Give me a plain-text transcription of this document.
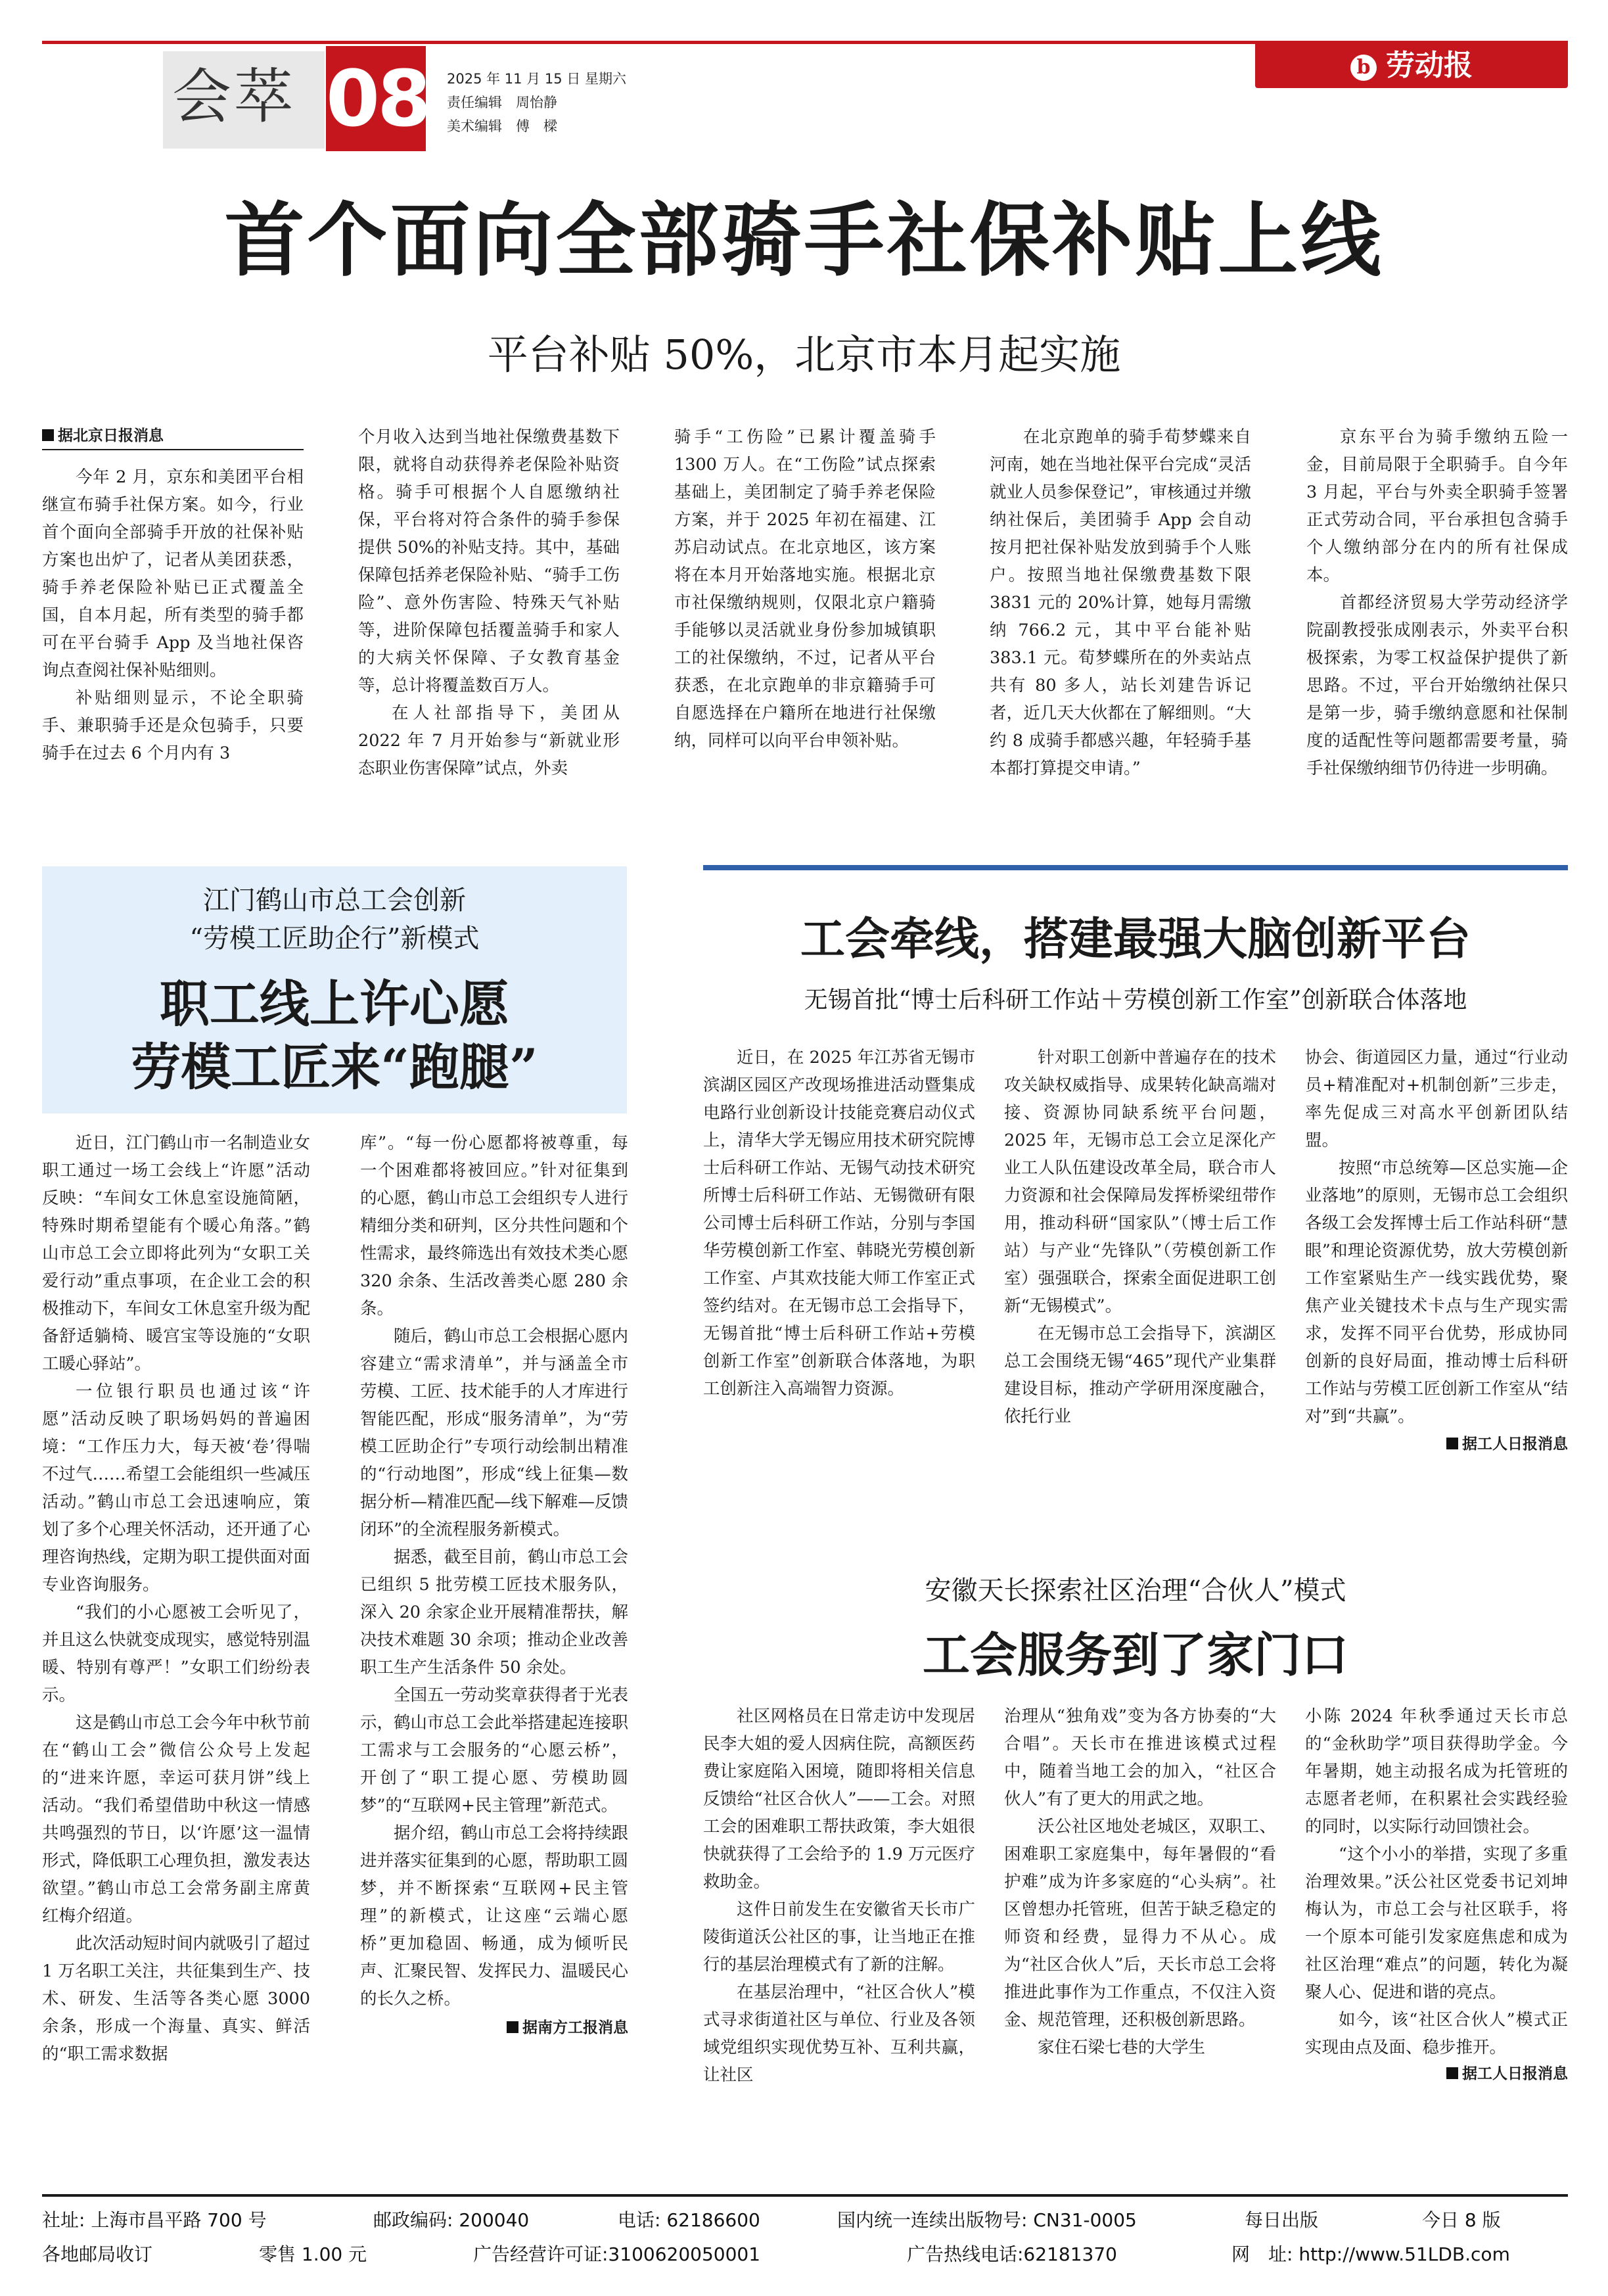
会萃 08 2025 年 11 月 15 日 星期六
责任编辑　周怡静
美术编辑　傅　樑
b 劳动报
首个面向全部骑手社保补贴上线
平台补贴 50%，北京市本月起实施
据北京日报消息

今年 2 月，京东和美团平台相继宣布骑手社保方案。如今，行业首个面向全部骑手开放的社保补贴方案也出炉了，记者从美团获悉，骑手养老保险补贴已正式覆盖全国，自本月起，所有类型的骑手都可在平台骑手 App 及当地社保咨询点查阅社保补贴细则。

补贴细则显示，不论全职骑手、兼职骑手还是众包骑手，只要骑手在过去 6 个月内有 3

个月收入达到当地社保缴费基数下限，就将自动获得养老保险补贴资格。骑手可根据个人自愿缴纳社保，平台将对符合条件的骑手参保提供 50%的补贴支持。其中，基础保障包括养老保险补贴、“骑手工伤险”、意外伤害险、特殊天气补贴等，进阶保障包括覆盖骑手和家人的大病关怀保障、子女教育基金等，总计将覆盖数百万人。

在人社部指导下，美团从 2022 年 7 月开始参与“新就业形态职业伤害保障”试点，外卖

骑手“工伤险”已累计覆盖骑手 1300 万人。在“工伤险”试点探索基础上，美团制定了骑手养老保险方案，并于 2025 年初在福建、江苏启动试点。在北京地区，该方案将在本月开始落地实施。根据北京市社保缴纳规则，仅限北京户籍骑手能够以灵活就业身份参加城镇职工的社保缴纳，不过，记者从平台获悉，在北京跑单的非京籍骑手可自愿选择在户籍所在地进行社保缴纳，同样可以向平台申领补贴。

在北京跑单的骑手荀梦蝶来自河南，她在当地社保平台完成“灵活就业人员参保登记”，审核通过并缴纳社保后，美团骑手 App 会自动按月把社保补贴发放到骑手个人账户。按照当地社保缴费基数下限 3831 元的 20%计算，她每月需缴纳 766.2 元，其中平台能补贴 383.1 元。荀梦蝶所在的外卖站点共有 80 多人，站长刘建告诉记者，近几天大伙都在了解细则。“大约 8 成骑手都感兴趣，年轻骑手基本都打算提交申请。”

京东平台为骑手缴纳五险一金，目前局限于全职骑手。自今年 3 月起，平台与外卖全职骑手签署正式劳动合同，平台承担包含骑手个人缴纳部分在内的所有社保成本。

首都经济贸易大学劳动经济学院副教授张成刚表示，外卖平台积极探索，为零工权益保护提供了新思路。不过，平台开始缴纳社保只是第一步，骑手缴纳意愿和社保制度的适配性等问题都需要考量，骑手社保缴纳细节仍待进一步明确。

江门鹤山市总工会创新
“劳模工匠助企行”新模式
职工线上许心愿
劳模工匠来“跑腿”

近日，江门鹤山市一名制造业女职工通过一场工会线上“许愿”活动反映：“车间女工休息室设施简陋，特殊时期希望能有个暖心角落。”鹤山市总工会立即将此列为“女职工关爱行动”重点事项，在企业工会的积极推动下，车间女工休息室升级为配备舒适躺椅、暖宫宝等设施的“女职工暖心驿站”。

一位银行职员也通过该“许愿”活动反映了职场妈妈的普遍困境：“工作压力大，每天被‘卷’得喘不过气……希望工会能组织一些减压活动。”鹤山市总工会迅速响应，策划了多个心理关怀活动，还开通了心理咨询热线，定期为职工提供面对面专业咨询服务。

“我们的小心愿被工会听见了，并且这么快就变成现实，感觉特别温暖、特别有尊严！”女职工们纷纷表示。

这是鹤山市总工会今年中秋节前在“鹤山工会”微信公众号上发起的“进来许愿，幸运可获月饼”线上活动。“我们希望借助中秋这一情感共鸣强烈的节日，以‘许愿’这一温情形式，降低职工心理负担，激发表达欲望。”鹤山市总工会常务副主席黄红梅介绍道。

此次活动短时间内就吸引了超过 1 万名职工关注，共征集到生产、技术、研发、生活等各类心愿 3000 余条，形成一个海量、真实、鲜活的“职工需求数据

库”。“每一份心愿都将被尊重，每一个困难都将被回应。”针对征集到的心愿，鹤山市总工会组织专人进行精细分类和研判，区分共性问题和个性需求，最终筛选出有效技术类心愿 320 余条、生活改善类心愿 280 余条。

随后，鹤山市总工会根据心愿内容建立“需求清单”，并与涵盖全市劳模、工匠、技术能手的人才库进行智能匹配，形成“服务清单”，为“劳模工匠助企行”专项行动绘制出精准的“行动地图”，形成“线上征集—数据分析—精准匹配—线下解难—反馈闭环”的全流程服务新模式。

据悉，截至目前，鹤山市总工会已组织 5 批劳模工匠技术服务队，深入 20 余家企业开展精准帮扶，解决技术难题 30 余项；推动企业改善职工生产生活条件 50 余处。

全国五一劳动奖章获得者于光表示，鹤山市总工会此举搭建起连接职工需求与工会服务的“心愿云桥”，开创了“职工提心愿、劳模助圆梦”的“互联网+民主管理”新范式。

据介绍，鹤山市总工会将持续跟进并落实征集到的心愿，帮助职工圆梦，并不断探索“互联网+民主管理”的新模式，让这座“云端心愿桥”更加稳固、畅通，成为倾听民声、汇聚民智、发挥民力、温暖民心的长久之桥。

据南方工报消息
工会牵线，搭建最强大脑创新平台
无锡首批“博士后科研工作站＋劳模创新工作室”创新联合体落地

近日，在 2025 年江苏省无锡市滨湖区园区产改现场推进活动暨集成电路行业创新设计技能竞赛启动仪式上，清华大学无锡应用技术研究院博士后科研工作站、无锡气动技术研究所博士后科研工作站、无锡微研有限公司博士后科研工作站，分别与李国华劳模创新工作室、韩晓光劳模创新工作室、卢其欢技能大师工作室正式签约结对。在无锡市总工会指导下，无锡首批“博士后科研工作站+劳模创新工作室”创新联合体落地，为职工创新注入高端智力资源。

针对职工创新中普遍存在的技术攻关缺权威指导、成果转化缺高端对接、资源协同缺系统平台问题，2025 年，无锡市总工会立足深化产业工人队伍建设改革全局，联合市人力资源和社会保障局发挥桥梁纽带作用，推动科研“国家队”（博士后工作站）与产业“先锋队”（劳模创新工作室）强强联合，探索全面促进职工创新“无锡模式”。

在无锡市总工会指导下，滨湖区总工会围绕无锡“465”现代产业集群建设目标，推动产学研用深度融合，依托行业

协会、街道园区力量，通过“行业动员+精准配对+机制创新”三步走，率先促成三对高水平创新团队结盟。

按照“市总统筹—区总实施—企业落地”的原则，无锡市总工会组织各级工会发挥博士后工作站科研“慧眼”和理论资源优势，放大劳模创新工作室紧贴生产一线实践优势，聚焦产业关键技术卡点与生产现实需求，发挥不同平台优势，形成协同创新的良好局面，推动博士后科研工作站与劳模工匠创新工作室从“结对”到“共赢”。

据工人日报消息
安徽天长探索社区治理“合伙人”模式
工会服务到了家门口

社区网格员在日常走访中发现居民李大姐的爱人因病住院，高额医药费让家庭陷入困境，随即将相关信息反馈给“社区合伙人”——工会。对照工会的困难职工帮扶政策，李大姐很快就获得了工会给予的 1.9 万元医疗救助金。

这件日前发生在安徽省天长市广陵街道沃公社区的事，让当地正在推行的基层治理模式有了新的注解。

在基层治理中，“社区合伙人”模式寻求街道社区与单位、行业及各领域党组织实现优势互补、互利共赢，让社区

治理从“独角戏”变为各方协奏的“大合唱”。天长市在推进该模式过程中，随着当地工会的加入，“社区合伙人”有了更大的用武之地。

沃公社区地处老城区，双职工、困难职工家庭集中，每年暑假的“看护难”成为许多家庭的“心头病”。社区曾想办托管班，但苦于缺乏稳定的师资和经费，显得力不从心。成为“社区合伙人”后，天长市总工会将推进此事作为工作重点，不仅注入资金、规范管理，还积极创新思路。

家住石梁七巷的大学生

小陈 2024 年秋季通过天长市总的“金秋助学”项目获得助学金。今年暑期，她主动报名成为托管班的志愿者老师，在积累社会实践经验的同时，以实际行动回馈社会。

“这个小小的举措，实现了多重治理效果。”沃公社区党委书记刘坤梅认为，市总工会与社区联手，将一个原本可能引发家庭焦虑和成为社区治理“难点”的问题，转化为凝聚人心、促进和谐的亮点。

如今，该“社区合伙人”模式正实现由点及面、稳步推开。

据工人日报消息
社址: 上海市昌平路 700 号	邮政编码: 200040	电话: 62186600	国内统一连续出版物号: CN31-0005	每日出版	今日 8 版
各地邮局收订	零售 1.00 元	广告经营许可证:3100620050001	广告热线电话:62181370	网　址: http://www.51LDB.com
